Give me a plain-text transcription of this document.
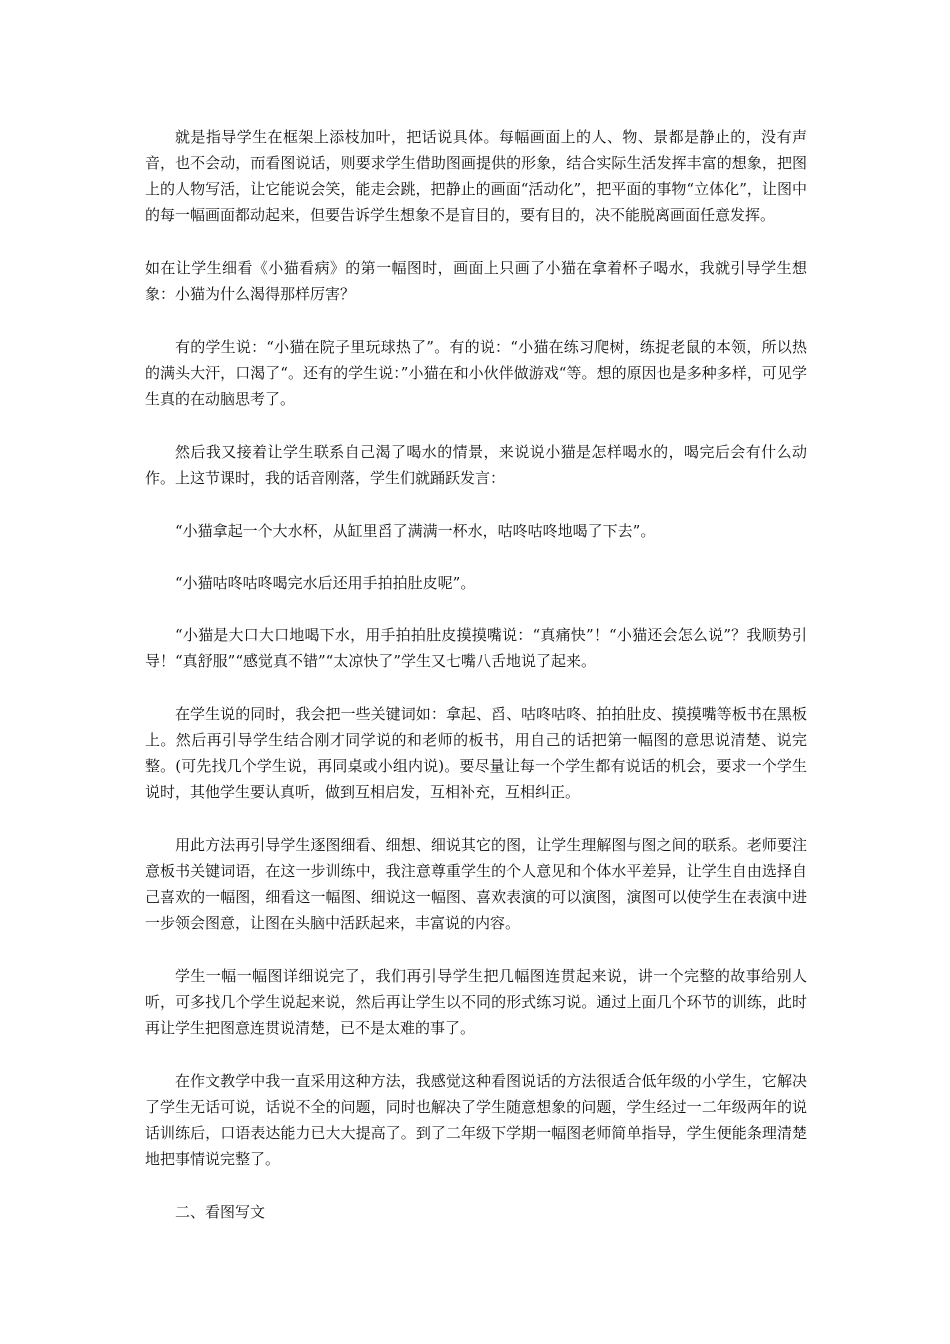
就是指导学生在框架上添枝加叶，把话说具体。每幅画面上的人、物、景都是静止的，没有声音，也不会动，而看图说话，则要求学生借助图画提供的形象，结合实际生活发挥丰富的想象，把图上的人物写活，让它能说会笑，能走会跳，把静止的画面“活动化”，把平面的事物“立体化”，让图中的每一幅画面都动起来，但要告诉学生想象不是盲目的，要有目的，决不能脱离画面任意发挥。

如在让学生细看《小猫看病》的第一幅图时，画面上只画了小猫在拿着杯子喝水，我就引导学生想象：小猫为什么渴得那样厉害？

有的学生说：“小猫在院子里玩球热了”。有的说：“小猫在练习爬树，练捉老鼠的本领，所以热的满头大汗，口渴了“。还有的学生说：”小猫在和小伙伴做游戏“等。想的原因也是多种多样，可见学生真的在动脑思考了。

然后我又接着让学生联系自己渴了喝水的情景，来说说小猫是怎样喝水的，喝完后会有什么动作。上这节课时，我的话音刚落，学生们就踊跃发言：

“小猫拿起一个大水杯，从缸里舀了满满一杯水，咕咚咕咚地喝了下去”。

“小猫咕咚咕咚喝完水后还用手拍拍肚皮呢”。

“小猫是大口大口地喝下水，用手拍拍肚皮摸摸嘴说：“真痛快”！“小猫还会怎么说”？我顺势引导！“真舒服”“感觉真不错”“太凉快了”学生又七嘴八舌地说了起来。

在学生说的同时，我会把一些关键词如：拿起、舀、咕咚咕咚、拍拍肚皮、摸摸嘴等板书在黑板上。然后再引导学生结合刚才同学说的和老师的板书，用自己的话把第一幅图的意思说清楚、说完整。(可先找几个学生说，再同桌或小组内说)。要尽量让每一个学生都有说话的机会，要求一个学生说时，其他学生要认真听，做到互相启发，互相补充，互相纠正。

用此方法再引导学生逐图细看、细想、细说其它的图，让学生理解图与图之间的联系。老师要注意板书关键词语，在这一步训练中，我注意尊重学生的个人意见和个体水平差异，让学生自由选择自己喜欢的一幅图，细看这一幅图、细说这一幅图、喜欢表演的可以演图，演图可以使学生在表演中进一步领会图意，让图在头脑中活跃起来，丰富说的内容。

学生一幅一幅图详细说完了，我们再引导学生把几幅图连贯起来说，讲一个完整的故事给别人听，可多找几个学生说起来说，然后再让学生以不同的形式练习说。通过上面几个环节的训练，此时再让学生把图意连贯说清楚，已不是太难的事了。

在作文教学中我一直采用这种方法，我感觉这种看图说话的方法很适合低年级的小学生，它解决了学生无话可说，话说不全的问题，同时也解决了学生随意想象的问题，学生经过一二年级两年的说话训练后，口语表达能力已大大提高了。到了二年级下学期一幅图老师简单指导，学生便能条理清楚地把事情说完整了。

二、看图写文
